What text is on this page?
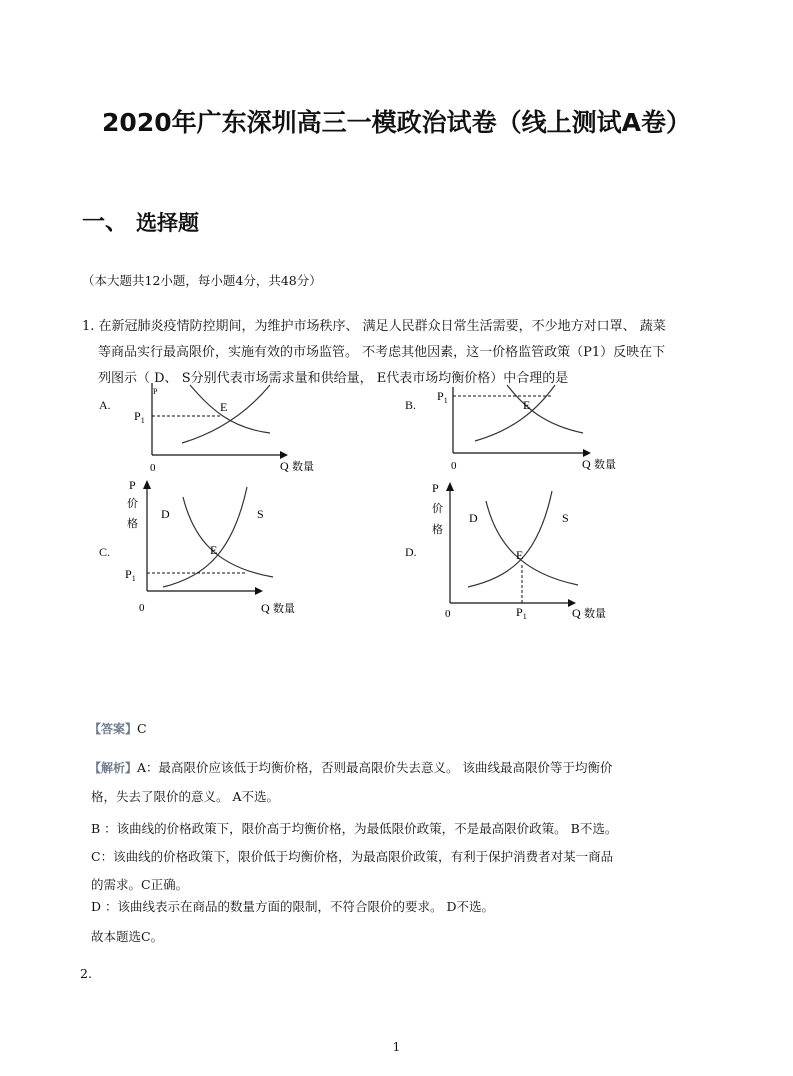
2020年广东深圳高三一模政治试卷（线上测试A卷）
一、 选择题
（本大题共12小题，每小题4分，共48分）
1. 在新冠肺炎疫情防控期间，为维护市场秩序、 满足人民群众日常生活需要，不少地方对口罩、 蔬菜
等商品实行最高限价，实施有效的市场监管。 不考虑其他因素，这一价格监管政策（P1）反映在下
列图示（ D、 S分别代表市场需求量和供给量， E代表市场均衡价格）中合理的是
A.	B.
C.	D.
P
$P_1$
E
0	Q 数量
$P_1$	E
0	Q 数量
P
价
格
D	S
$P_1$
E
0	Q 数量
P
价
格
D	S
E
$P_1$
0	Q 数量
【答案】C
【解析】A：最高限价应该低于均衡价格，否则最高限价失去意义。 该曲线最高限价等于均衡价
格，失去了限价的意义。 A不选。
B ：该曲线的价格政策下，限价高于均衡价格，为最低限价政策，不是最高限价政策。 B不选。
C：该曲线的价格政策下，限价低于均衡价格，为最高限价政策，有利于保护消费者对某一商品
的需求。C正确。
D ：该曲线表示在商品的数量方面的限制，不符合限价的要求。 D不选。
故本题选C。
2.
1
